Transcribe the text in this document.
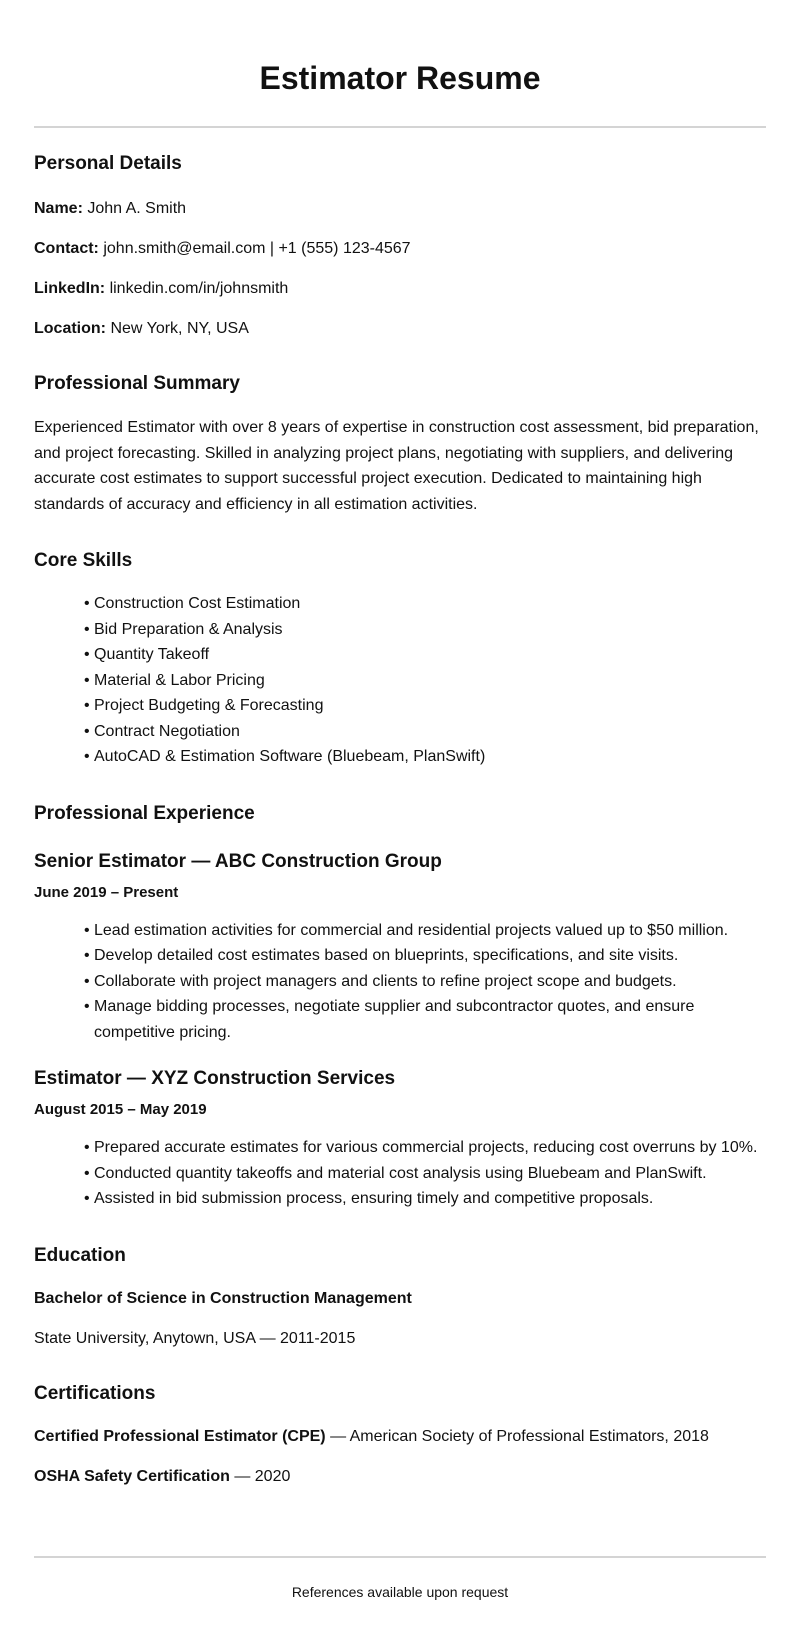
Estimator Resume
Personal Details

Name: John A. Smith

Contact: john.smith@email.com | +1 (555) 123-4567

LinkedIn: linkedin.com/in/johnsmith

Location: New York, NY, USA

Professional Summary

Experienced Estimator with over 8 years of expertise in construction cost assessment, bid preparation, and project forecasting. Skilled in analyzing project plans, negotiating with suppliers, and delivering accurate cost estimates to support successful project execution. Dedicated to maintaining high standards of accuracy and efficiency in all estimation activities.

Core Skills
• Construction Cost Estimation
• Bid Preparation & Analysis
• Quantity Takeoff
• Material & Labor Pricing
• Project Budgeting & Forecasting
• Contract Negotiation
• AutoCAD & Estimation Software (Bluebeam, PlanSwift)
Professional Experience
Senior Estimator — ABC Construction Group

June 2019 – Present

• Lead estimation activities for commercial and residential projects valued up to $50 million.
• Develop detailed cost estimates based on blueprints, specifications, and site visits.
• Collaborate with project managers and clients to refine project scope and budgets.
• Manage bidding processes, negotiate supplier and subcontractor quotes, and ensure competitive pricing.
Estimator — XYZ Construction Services

August 2015 – May 2019

• Prepared accurate estimates for various commercial projects, reducing cost overruns by 10%.
• Conducted quantity takeoffs and material cost analysis using Bluebeam and PlanSwift.
• Assisted in bid submission process, ensuring timely and competitive proposals.
Education

Bachelor of Science in Construction Management

State University, Anytown, USA — 2011-2015

Certifications

Certified Professional Estimator (CPE) — American Society of Professional Estimators, 2018

OSHA Safety Certification — 2020

References available upon request
